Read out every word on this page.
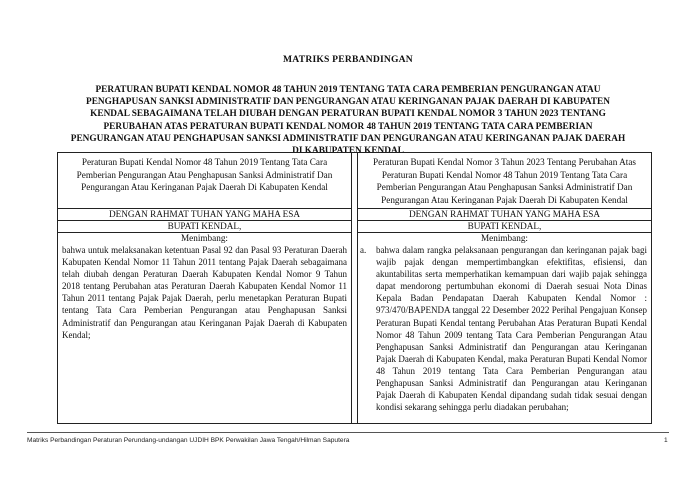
MATRIKS PERBANDINGAN
PERATURAN BUPATI KENDAL NOMOR 48 TAHUN 2019 TENTANG TATA CARA PEMBERIAN PENGURANGAN ATAU PENGHAPUSAN SANKSI ADMINISTRATIF DAN PENGURANGAN ATAU KERINGANAN PAJAK DAERAH DI KABUPATEN KENDAL SEBAGAIMANA TELAH DIUBAH DENGAN PERATURAN BUPATI KENDAL NOMOR 3 TAHUN 2023 TENTANG PERUBAHAN ATAS PERATURAN BUPATI KENDAL NOMOR 48 TAHUN 2019 TENTANG TATA CARA PEMBERIAN PENGURANGAN ATAU PENGHAPUSAN SANKSI ADMINISTRATIF DAN PENGURANGAN ATAU KERINGANAN PAJAK DAERAH DI KABUPATEN KENDAL
Peraturan Bupati Kendal Nomor 48 Tahun 2019 Tentang Tata Cara Pemberian Pengurangan Atau Penghapusan Sanksi Administratif Dan Pengurangan Atau Keringanan Pajak Daerah Di Kabupaten Kendal
DENGAN RAHMAT TUHAN YANG MAHA ESA
BUPATI KENDAL,
Menimbang:
bahwa untuk melaksanakan ketentuan Pasal 92 dan Pasal 93 Peraturan Daerah Kabupaten Kendal Nomor 11 Tahun 2011 tentang Pajak Daerah sebagaimana telah diubah dengan Peraturan Daerah Kabupaten Kendal Nomor 9 Tahun 2018 tentang Perubahan atas Peraturan Daerah Kabupaten Kendal Nomor 11 Tahun 2011 tentang Pajak Pajak Daerah, perlu menetapkan Peraturan Bupati tentang Tata Cara Pemberian Pengurangan atau Penghapusan Sanksi Administratif dan Pengurangan atau Keringanan Pajak Daerah di Kabupaten Kendal;
Peraturan Bupati Kendal Nomor 3 Tahun 2023 Tentang Perubahan Atas Peraturan Bupati Kendal Nomor 48 Tahun 2019 Tentang Tata Cara Pemberian Pengurangan Atau Penghapusan Sanksi Administratif Dan Pengurangan Atau Keringanan Pajak Daerah Di Kabupaten Kendal
DENGAN RAHMAT TUHAN YANG MAHA ESA
BUPATI KENDAL,
Menimbang:
a.	bahwa dalam rangka pelaksanaan pengurangan dan keringanan pajak bagi wajib pajak dengan mempertimbangkan efektifitas, efisiensi, dan akuntabilitas serta memperhatikan kemampuan dari wajib pajak sehingga dapat mendorong pertumbuhan ekonomi di Daerah sesuai Nota Dinas Kepala Badan Pendapatan Daerah Kabupaten Kendal Nomor : 973/470/BAPENDA tanggal 22 Desember 2022 Perihal Pengajuan Konsep Peraturan Bupati Kendal tentang Perubahan Atas Peraturan Bupati Kendal Nomor 48 Tahun 2009 tentang Tata Cara Pemberian Pengurangan Atau Penghapusan Sanksi Administratif dan Pengurangan atau Keringanan Pajak Daerah di Kabupaten Kendal, maka Peraturan Bupati Kendal Nomor 48 Tahun 2019 tentang Tata Cara Pemberian Pengurangan atau Penghapusan Sanksi Administratif dan Pengurangan atau Keringanan Pajak Daerah di Kabupaten Kendal dipandang sudah tidak sesuai dengan kondisi sekarang sehingga perlu diadakan perubahan;
Matriks Perbandingan Peraturan Perundang-undangan UJDIH BPK Perwakilan Jawa Tengah/Hilman Saputera	1
